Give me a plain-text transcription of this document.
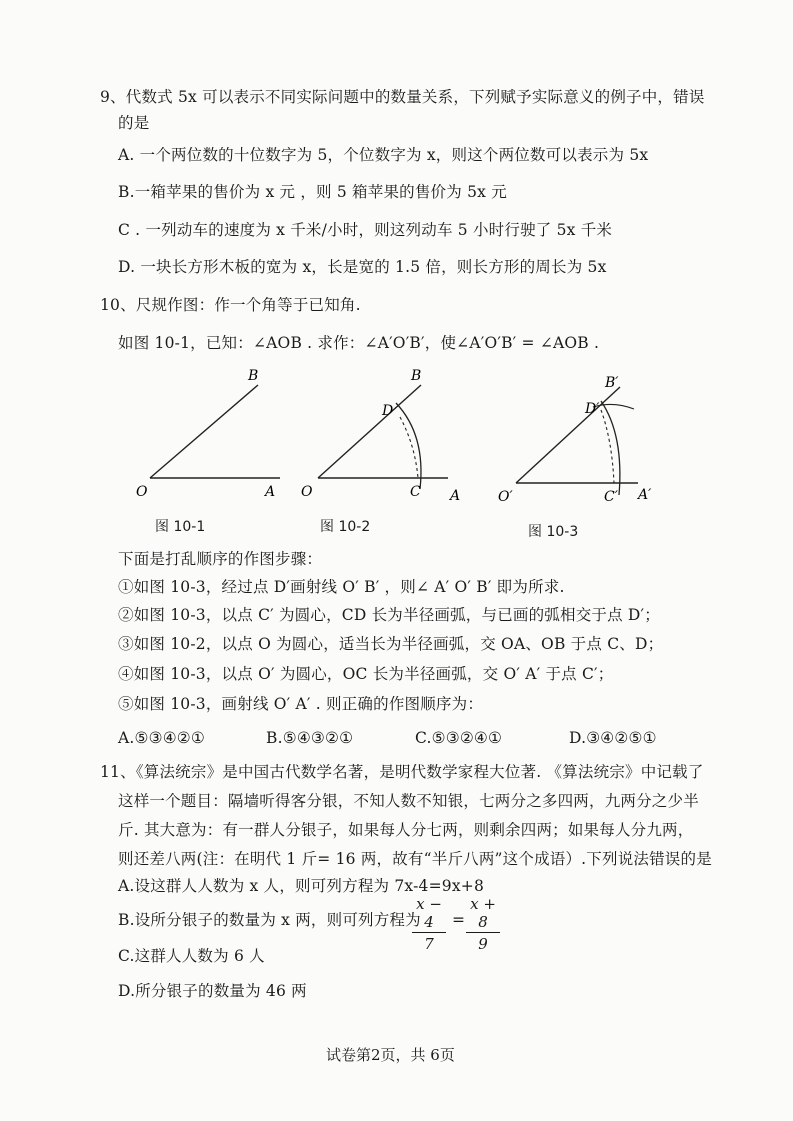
9、代数式 5x 可以表示不同实际问题中的数量关系，下列赋予实际意义的例子中，错误
的是
A. 一个两位数的十位数字为 5，个位数字为 x，则这个两位数可以表示为 5x
B.一箱苹果的售价为 x 元 ，则 5 箱苹果的售价为 5x 元
C . 一列动车的速度为 x 千米/小时，则这列动车 5 小时行驶了 5x 千米
D. 一块长方形木板的宽为 x，长是宽的 1.5 倍，则长方形的周长为 5x
10、尺规作图：作一个角等于已知角.
如图 10-1，已知：∠AOB . 求作：∠A′O′B′，使∠A′O′B′ = ∠AOB .
O	A
B
图 10-1
O	A
B
C
D
图 10-2
O′	A′
B′
C′
D′
图 10-3
下面是打乱顺序的作图步骤：
①如图 10-3，经过点 D′画射线 O′ B′ ，则∠ A′ O′ B′ 即为所求.
②如图 10-3，以点 C′ 为圆心，CD 长为半径画弧，与已画的弧相交于点 D′；
③如图 10-2，以点 O 为圆心，适当长为半径画弧，交 OA、OB 于点 C、D；
④如图 10-3，以点 O′ 为圆心，OC 长为半径画弧，交 O′ A′ 于点 C′；
⑤如图 10-3，画射线 O′ A′ . 则正确的作图顺序为：
A.⑤③④②①	B.⑤④③②①	C.⑤③②④①	D.③④②⑤①
11、《算法统宗》是中国古代数学名著，是明代数学家程大位著. 《算法统宗》中记载了
这样一个题目：隔墙听得客分银，不知人数不知银，七两分之多四两，九两分之少半
斤. 其大意为：有一群人分银子，如果每人分七两，则剩余四两；如果每人分九两，
则还差八两(注：在明代 1 斤= 16 两，故有“半斤八两”这个成语）.下列说法错误的是
A.设这群人人数为 x 人，则可列方程为 7x-4=9x+8
B.设所分银子的数量为 x 两，则可列方程为
$\frac{x - 4}{7} = \frac{x + 8}{9}$
C.这群人人数为 6 人
D.所分银子的数量为 46 两
试卷第2页，共 6页
